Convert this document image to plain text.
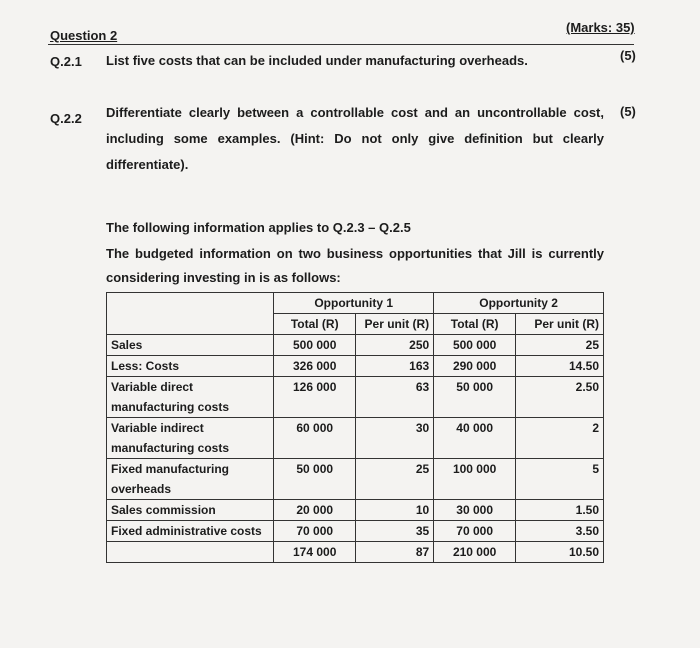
Question 2
(Marks: 35)
Q.2.1 List five costs that can be included under manufacturing overheads.	(5)
Q.2.2 Differentiate clearly between a controllable cost and an uncontrollable cost,
including some examples. (Hint: Do not only give definition but clearly
differentiate).
(5)
The following information applies to Q.2.3 – Q.2.5
The budgeted information on two business opportunities that Jill is currently
considering investing in is as follows:
	Opportunity 1		Opportunity 2	
	Total (R)	Per unit (R)	Total (R)	Per unit (R)
Sales	500 000	250	500 000	25
Less: Costs	326 000	163	290 000	14.50
Variable direct manufacturing costs	126 000	63	50 000	2.50
Variable indirect manufacturing costs	60 000	30	40 000	2
Fixed manufacturing overheads	50 000	25	100 000	5
Sales commission	20 000	10	30 000	1.50
Fixed administrative costs	70 000	35	70 000	3.50
	174 000	87	210 000	10.50
